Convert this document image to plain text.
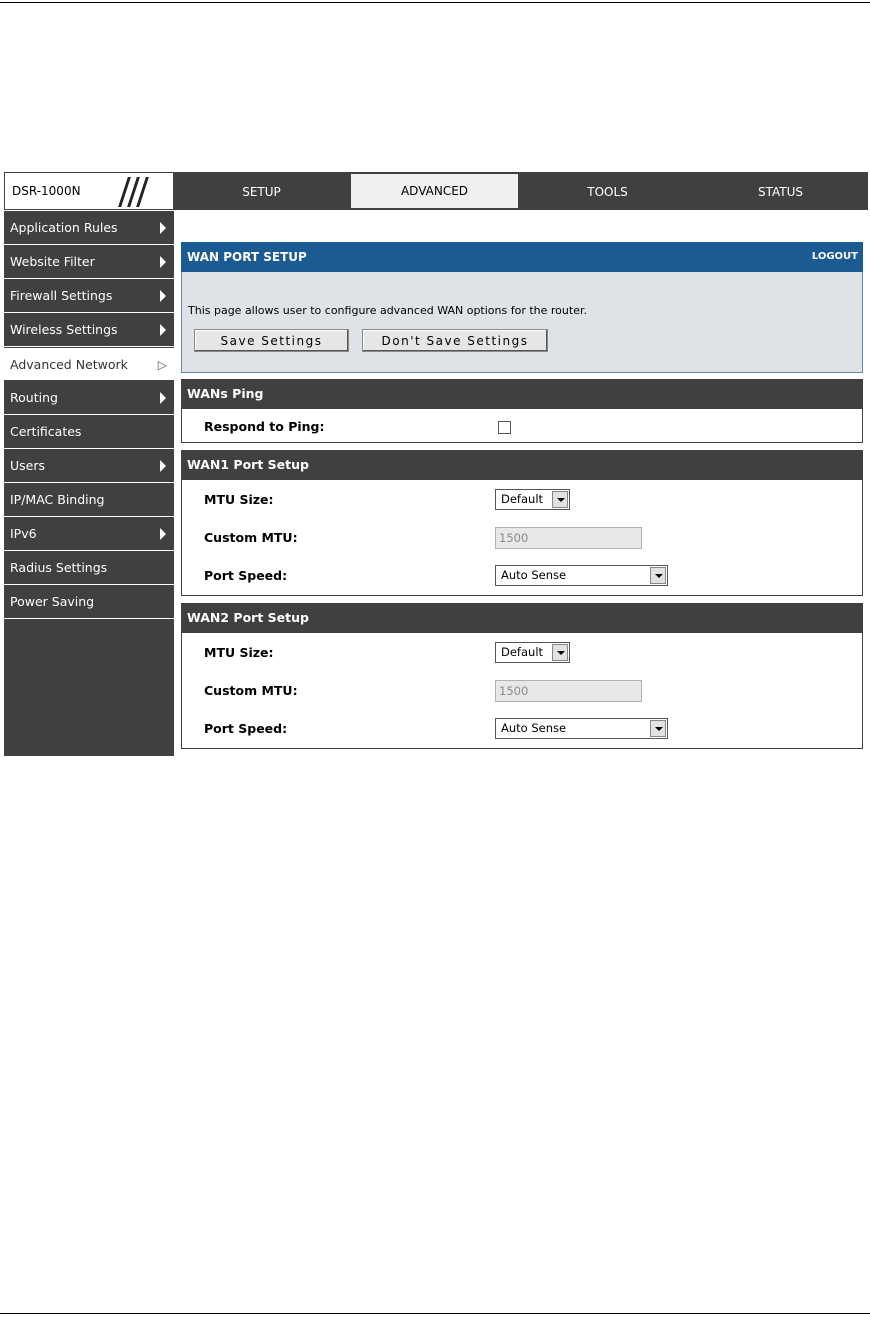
DSR-1000N	SETUP	ADVANCED	TOOLS	STATUS
Application Rules
Website Filter
Firewall Settings
Wireless Settings
Advanced Network ▷
Routing
Certificates
Users
IP/MAC Binding
IPv6
Radius Settings
Power Saving
WAN PORT SETUP	LOGOUT
This page allows user to configure advanced WAN options for the router.
Save Settings	Don't Save Settings
WANs Ping
Respond to Ping:
WAN1 Port Setup
MTU Size:	Default
Custom MTU:	1500
Port Speed:	Auto Sense
WAN2 Port Setup
MTU Size:	Default
Custom MTU:	1500
Port Speed:	Auto Sense
